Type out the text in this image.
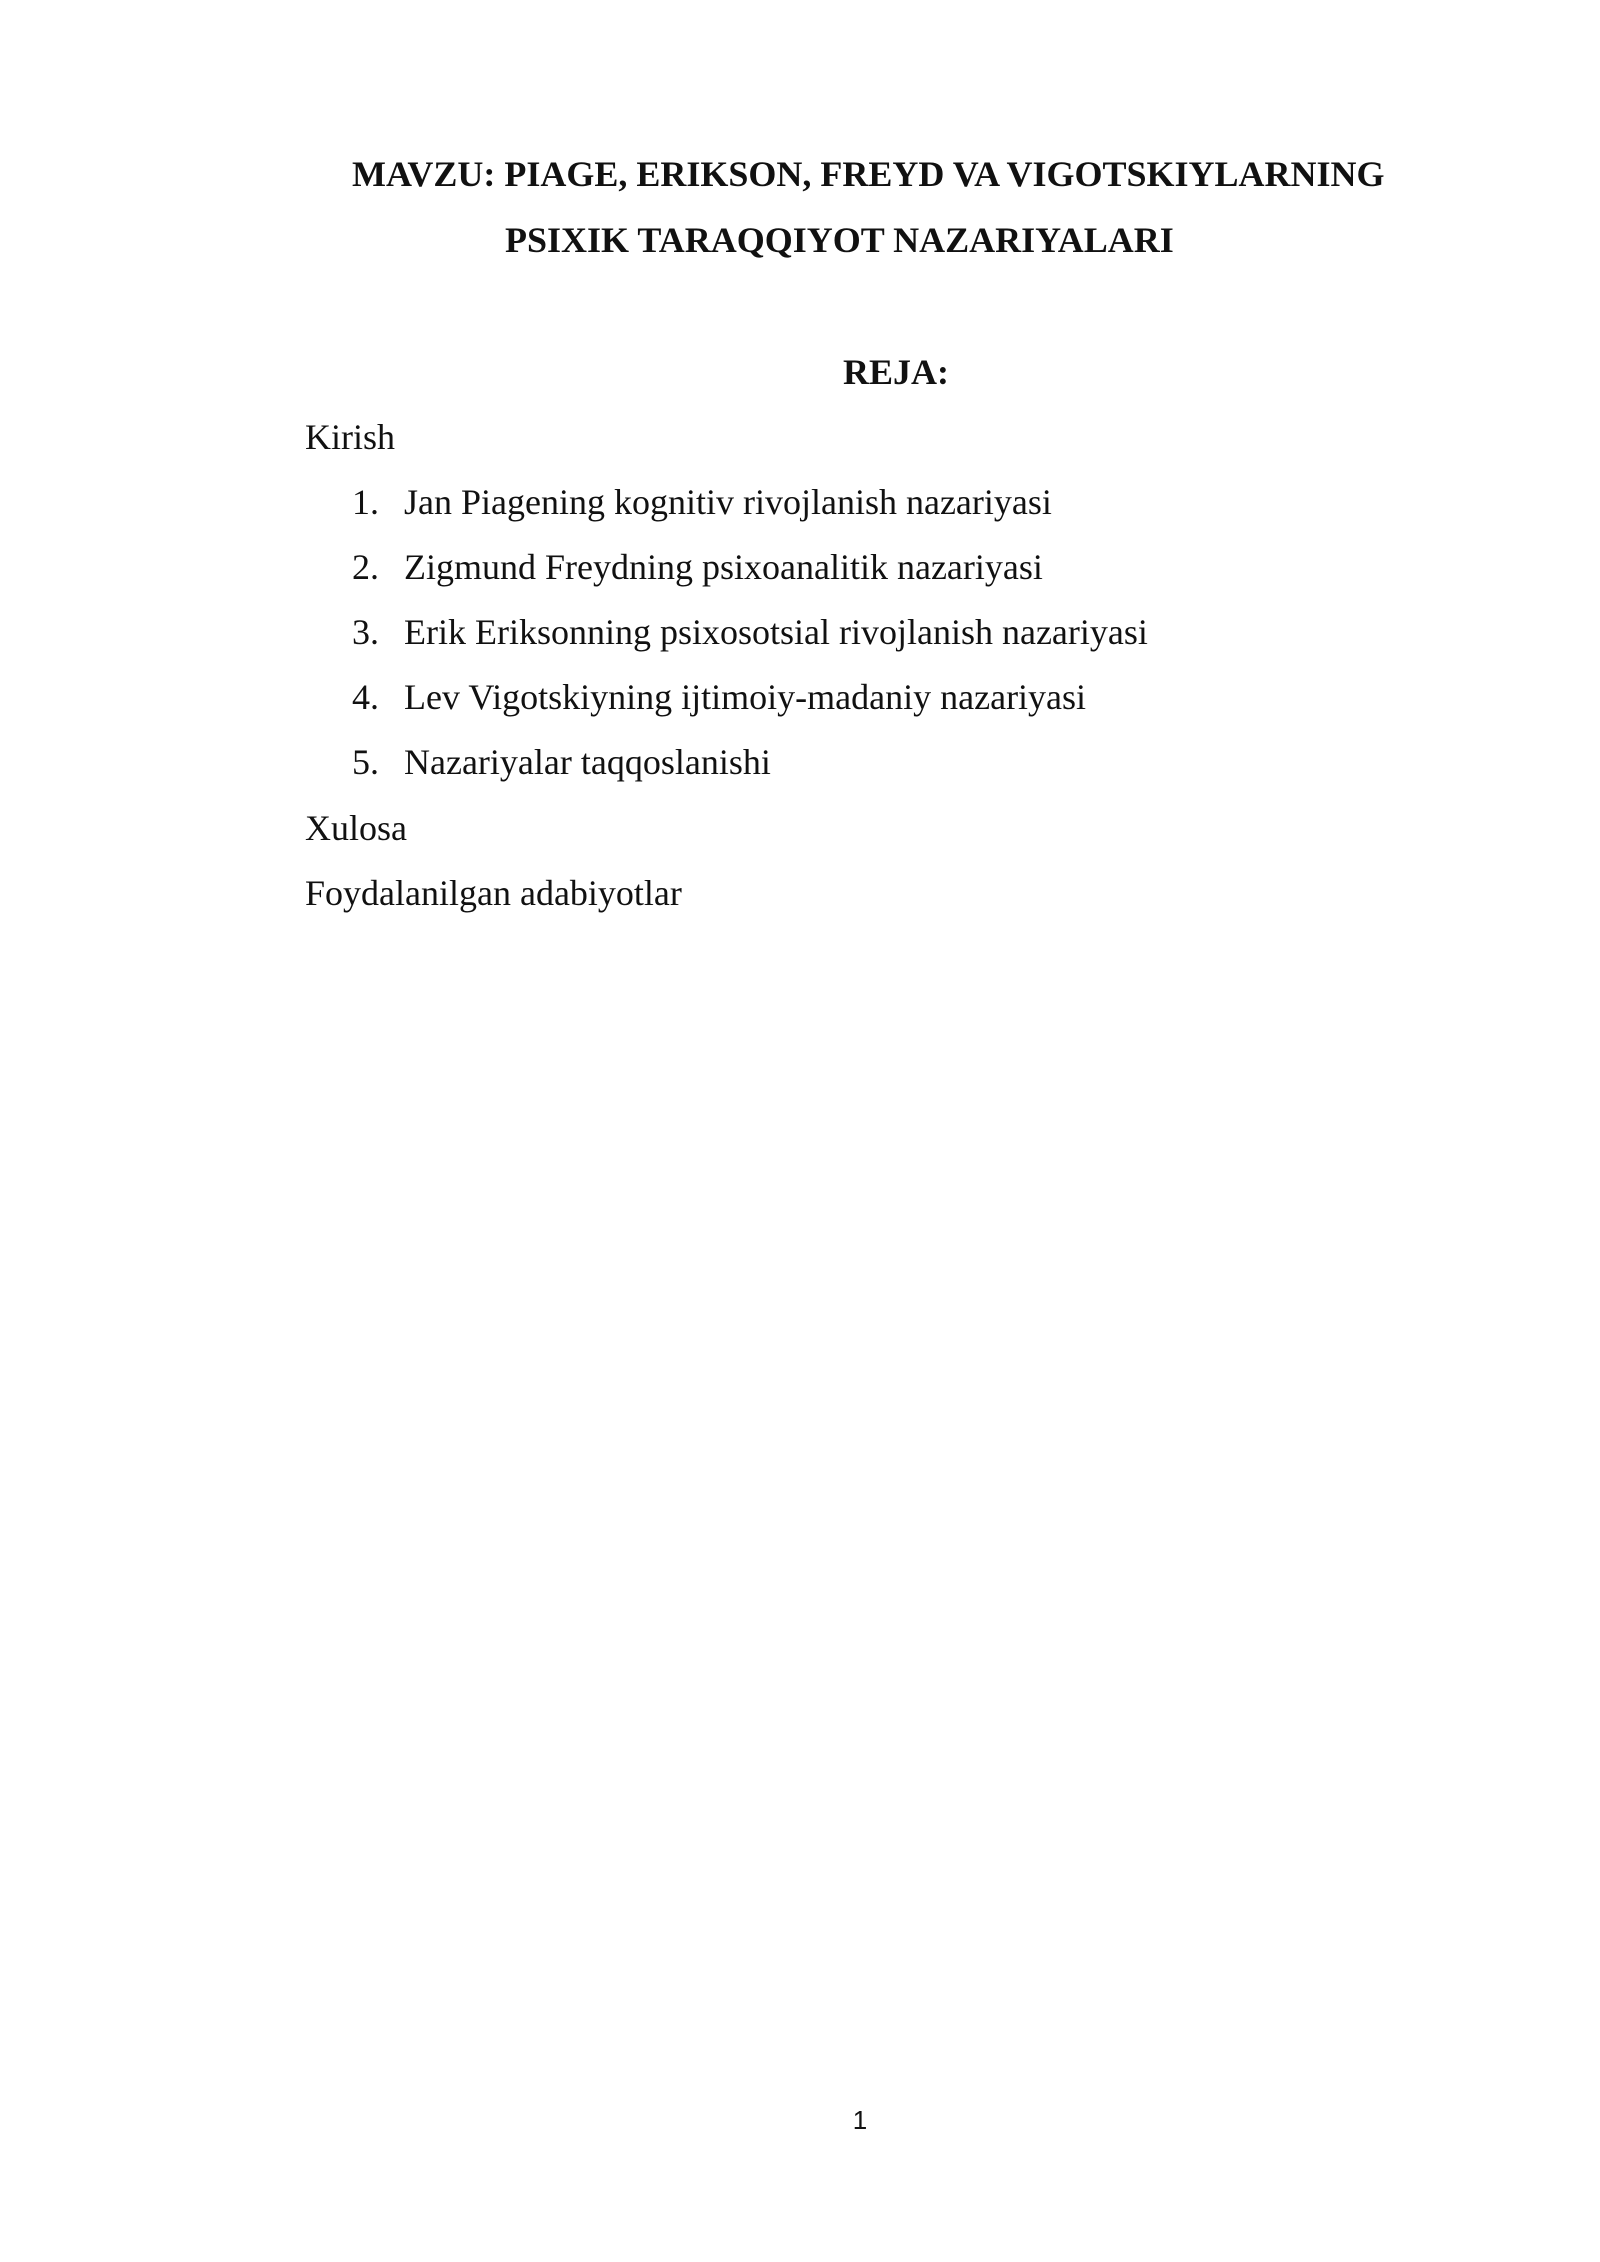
MAVZU: PIAGE, ERIKSON, FREYD VA VIGOTSKIYLARNING
PSIXIK TARAQQIYOT NAZARIYALARI
REJA:
Kirish
1. Jan Piagening kognitiv rivojlanish nazariyasi
2. Zigmund Freydning psixoanalitik nazariyasi
3. Erik Eriksonning psixosotsial rivojlanish nazariyasi
4. Lev Vigotskiyning ijtimoiy-madaniy nazariyasi
5. Nazariyalar taqqoslanishi
Xulosa
Foydalanilgan adabiyotlar
1
